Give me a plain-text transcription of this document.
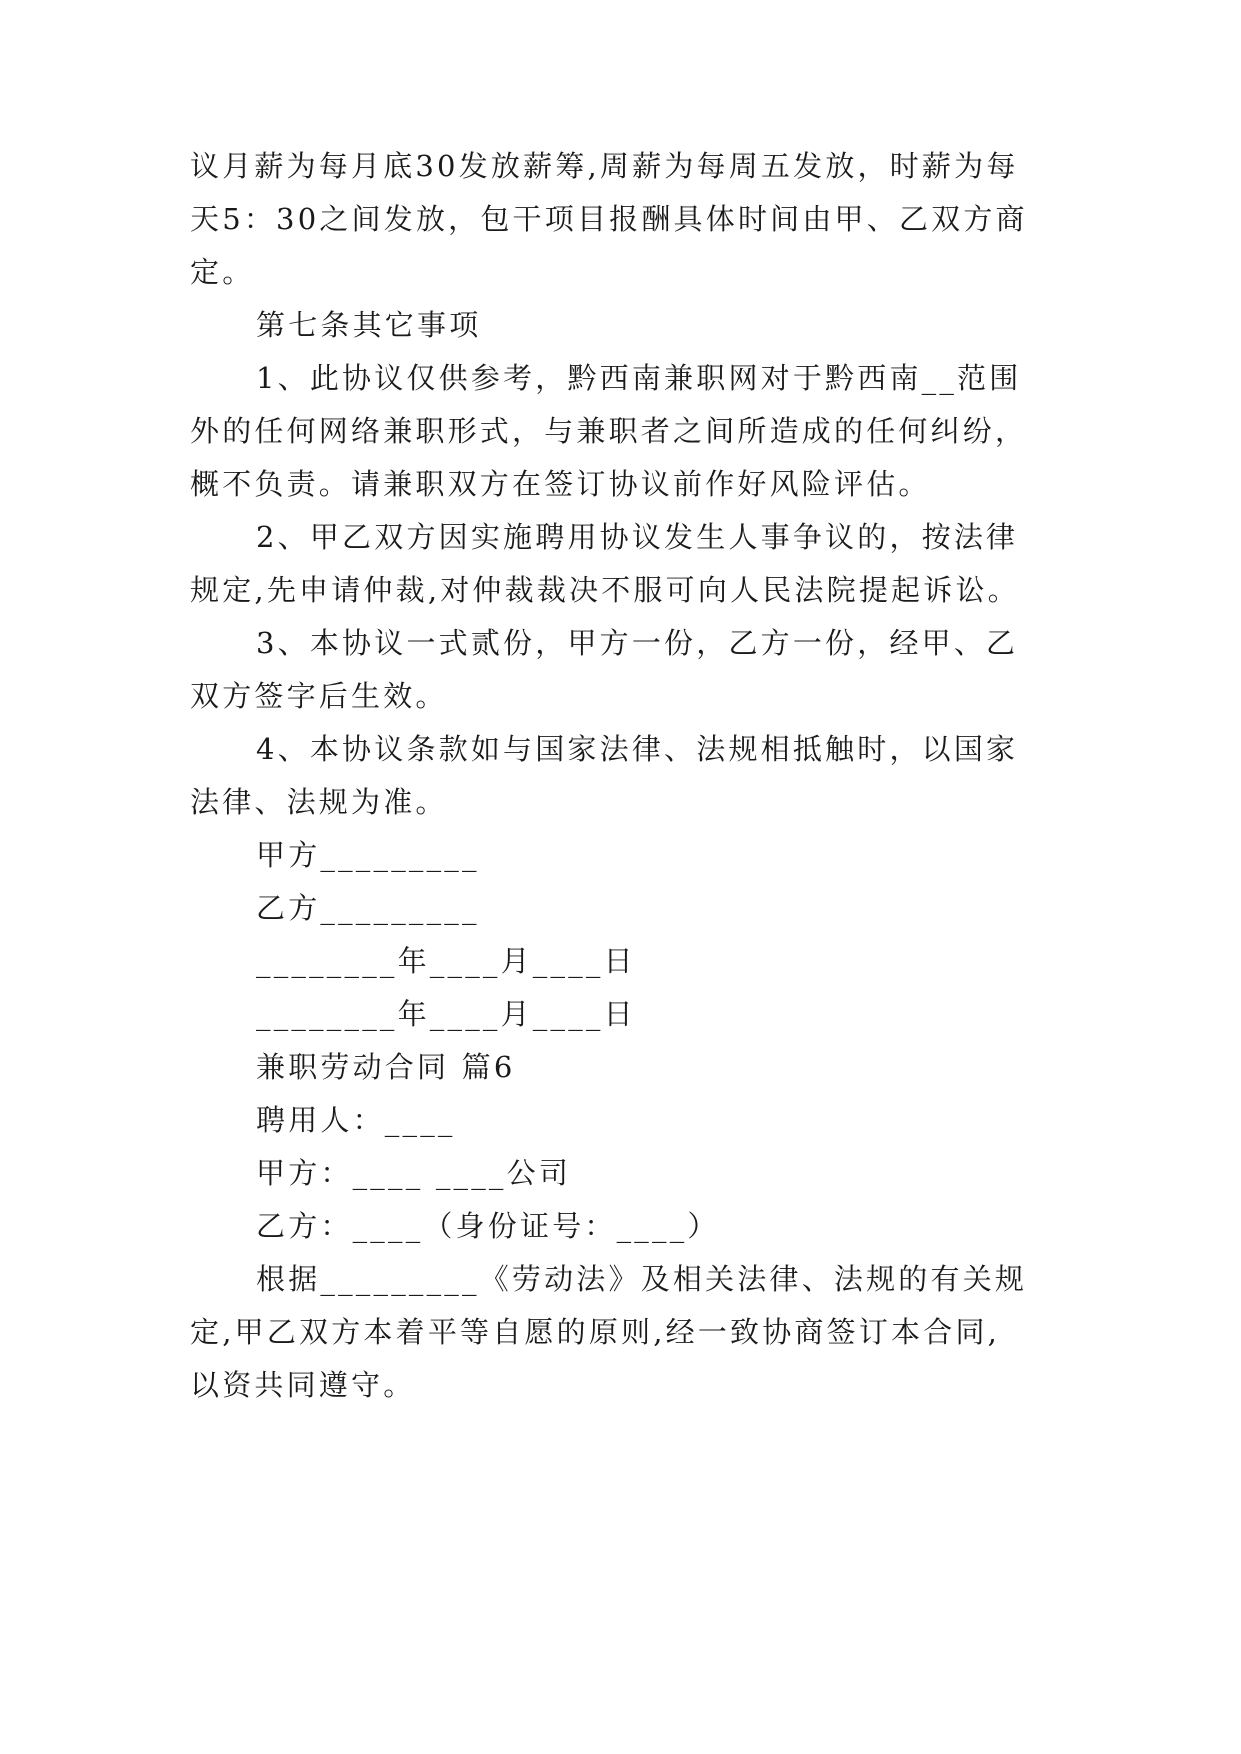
议月薪为每月底30发放薪筹,周薪为每周五发放，时薪为每
天5：30之间发放，包干项目报酬具体时间由甲、乙双方商
定。
第七条其它事项
1、此协议仅供参考，黔西南兼职网对于黔西南__范围
外的任何网络兼职形式，与兼职者之间所造成的任何纠纷，
概不负责。请兼职双方在签订协议前作好风险评估。
2、甲乙双方因实施聘用协议发生人事争议的，按法律
规定,先申请仲裁,对仲裁裁决不服可向人民法院提起诉讼。
3、本协议一式贰份，甲方一份，乙方一份，经甲、乙
双方签字后生效。
4、本协议条款如与国家法律、法规相抵触时，以国家
法律、法规为准。
甲方_________
乙方_________
________年____月____日
________年____月____日
兼职劳动合同 篇6
聘用人：____
甲方：____ ____公司
乙方：____（身份证号：____）
根据_________《劳动法》及相关法律、法规的有关规
定,甲乙双方本着平等自愿的原则,经一致协商签订本合同,
以资共同遵守。
